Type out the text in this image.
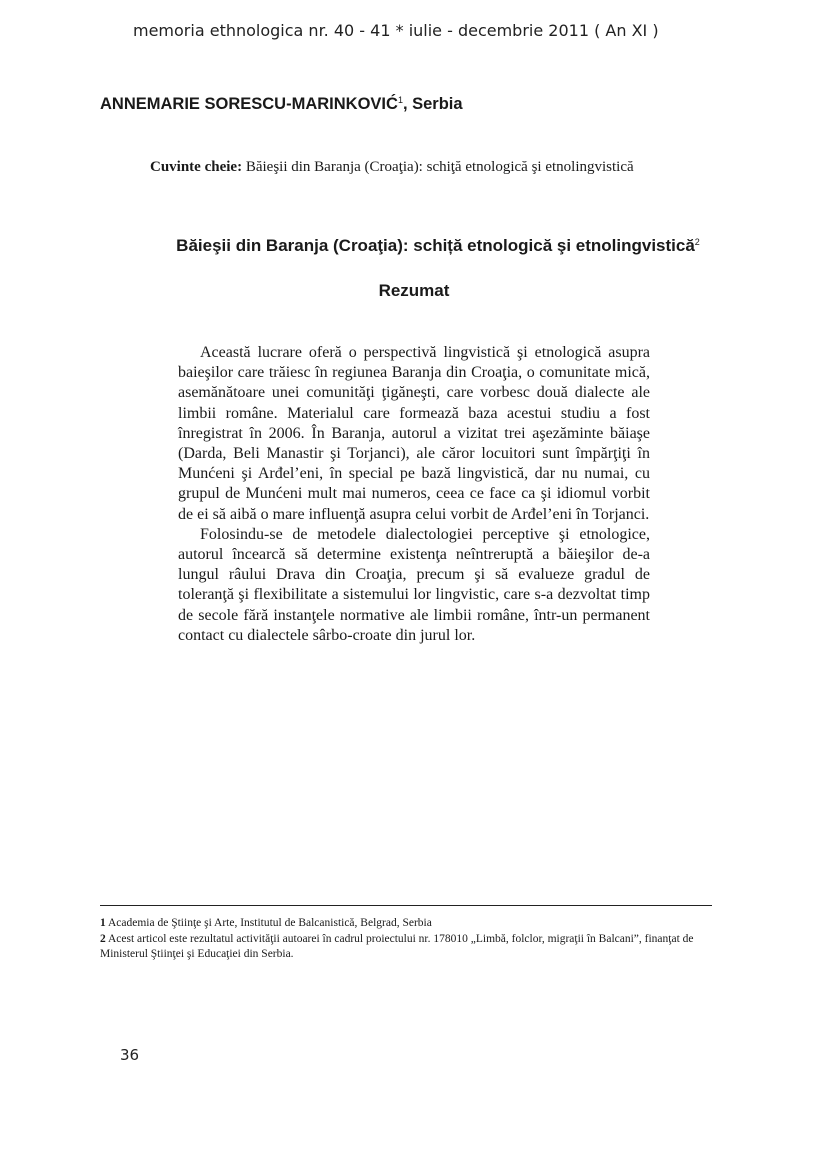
memoria ethnologica nr. 40 - 41 * iulie - decembrie 2011 ( An XI )
ANNEMARIE SORESCU-MARINKOVIĆ$^1$, Serbia
Cuvinte cheie: Băieşii din Baranja (Croaţia): schiţă etnologică şi etnolingvistică
Băieşii din Baranja (Croaţia): schiță etnologică şi etnolingvistică$^2$
Rezumat

Această lucrare oferă o perspectivă lingvistică şi etnologică asupra baieşilor care trăiesc în regiunea Baranja din Croaţia, o comunitate mică, asemănătoare unei comunităţi ţigăneşti, care vorbesc două dialecte ale limbii române. Materialul care formează baza acestui studiu a fost înregistrat în 2006. În Baranja, autorul a vizitat trei aşezăminte băiaşe (Darda, Beli Manastir şi Torjanci), ale căror locuitori sunt împărţiţi în Munćeni şi Arđel’eni, în special pe bază lingvistică, dar nu numai, cu grupul de Munćeni mult mai numeros, ceea ce face ca şi idiomul vorbit de ei să aibă o mare influenţă asupra celui vorbit de Arđel’eni în Torjanci.

Folosindu-se de metodele dialectologiei perceptive şi etnologice, autorul încearcă să determine existenţa neîntreruptă a băieşilor de-a lungul râului Drava din Croaţia, precum şi să evalueze gradul de toleranţă şi flexibilitate a sistemului lor lingvistic, care s-a dezvoltat timp de secole fără instanţele normative ale limbii române, într-un permanent contact cu dialectele sârbo-croate din jurul lor.

1 Academia de Ştiinţe şi Arte, Institutul de Balcanistică, Belgrad, Serbia

2 Acest articol este rezultatul activităţii autoarei în cadrul proiectului nr. 178010 „Limbă, folclor, migraţii în Balcani”, finanţat de Ministerul Ştiinţei şi Educaţiei din Serbia.

36
